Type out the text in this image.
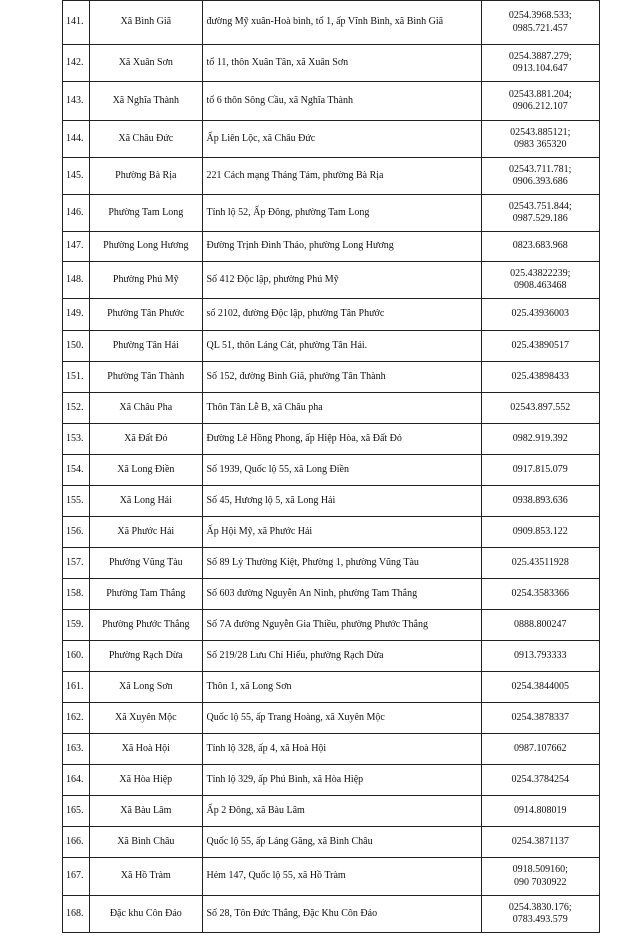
141.	Xã Bình Giã	đường Mỹ xuân-Hoà bình, tổ 1, ấp Vĩnh Bình, xã Bình Giã	0254.3968.533;
0985.721.457

142.	Xã Xuân Sơn	tổ 11, thôn Xuân Tân, xã Xuân Sơn	0254.3887.279;
0913.104.647

143.	Xã Nghĩa Thành	tổ 6 thôn Sông Cầu, xã Nghĩa Thành	02543.881.204;
0906.212.107

144.	Xã Châu Đức	Ấp Liên Lộc, xã Châu Đức	02543.885121;
0983 365320

145.	Phường Bà Rịa	221 Cách mạng Tháng Tám, phường Bà Rịa	02543.711.781;
0906.393.686

146.	Phường Tam Long	Tỉnh lộ 52, Ấp Đông, phường Tam Long	02543.751.844;
0987.529.186

147.	Phường Long Hương	Đường Trịnh Đình Thảo, phường Long Hương	0823.683.968

148.	Phường Phú Mỹ	Số 412 Độc lập, phường Phú Mỹ	025.43822239;
0908.463468

149.	Phường Tân Phước	số 2102, đường Độc lập, phường Tân Phước	025.43936003

150.	Phường Tân Hải	QL 51, thôn Láng Cát, phường Tân Hải.	025.43890517

151.	Phường Tân Thành	Số 152, đường Bình Giã, phường Tân Thành	025.43898433

152.	Xã Châu Pha	Thôn Tân Lễ B, xã Châu pha	02543.897.552

153.	Xã Đất Đỏ	Đường Lê Hồng Phong, ấp Hiệp Hòa, xã Đất Đỏ	0982.919.392

154.	Xã Long Điền	Số 1939, Quốc lộ 55, xã Long Điền	0917.815.079

155.	Xã Long Hải	Số 45, Hương lộ 5, xã Long Hải	0938.893.636

156.	Xã Phước Hải	Ấp Hội Mỹ, xã Phước Hải	0909.853.122

157.	Phường Vũng Tàu	Số 89 Lý Thường Kiệt, Phường 1, phường Vũng Tàu	025.43511928

158.	Phường Tam Thắng	Số 603 đường Nguyễn An Ninh, phường Tam Thắng	0254.3583366

159.	Phường Phước Thắng	Số 7A đường Nguyễn Gia Thiều, phường Phước Thắng	0888.800247

160.	Phường Rạch Dừa	Số 219/28 Lưu Chí Hiếu, phường Rạch Dừa	0913.793333

161.	Xã Long Sơn	Thôn 1, xã Long Sơn	0254.3844005

162.	Xã Xuyên Mộc	Quốc lộ 55, ấp Trang Hoàng, xã Xuyên Mộc	0254.3878337

163.	Xã Hoà Hội	Tỉnh lộ 328, ấp 4, xã Hoà Hội	0987.107662

164.	Xã Hòa Hiệp	Tỉnh lộ 329, ấp Phú Bình, xã Hòa Hiệp	0254.3784254

165.	Xã Bàu Lâm	Ấp 2 Đông, xã Bàu Lâm	0914.808019

166.	Xã Bình Châu	Quốc lộ 55, ấp Láng Găng, xã Bình Châu	0254.3871137

167.	Xã Hồ Tràm	Hẻm 147, Quốc lộ 55, xã Hồ Tràm	0918.509160;
090 7030922

168.	Đặc khu Côn Đảo	Số 28, Tôn Đức Thắng, Đặc Khu Côn Đảo	0254.3830.176;
0783.493.579
